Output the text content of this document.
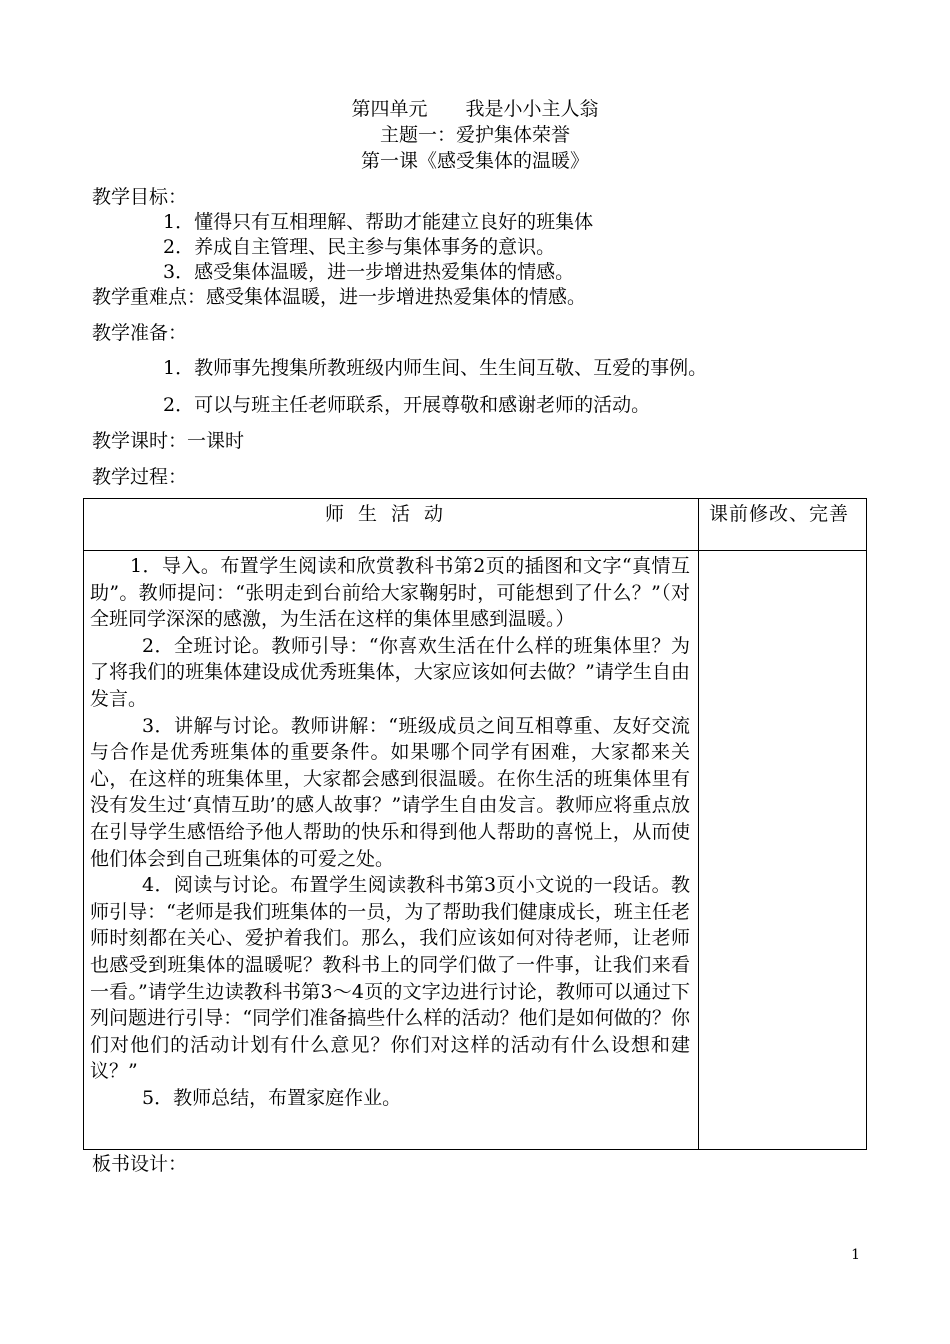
第四单元　　我是小小主人翁
主题一：爱护集体荣誉
第一课《感受集体的温暖》
教学目标：
1．懂得只有互相理解、帮助才能建立良好的班集体
2．养成自主管理、民主参与集体事务的意识。
3．感受集体温暖，进一步增进热爱集体的情感。
教学重难点：感受集体温暖，进一步增进热爱集体的情感。
教学准备：
1．教师事先搜集所教班级内师生间、生生间互敬、互爱的事例。
2．可以与班主任老师联系，开展尊敬和感谢老师的活动。
教学课时：一课时
教学过程：
师生活动	课前修改、完善

1．导入。布置学生阅读和欣赏教科书第2页的插图和文字“真情互助”。教师提问：“张明走到台前给大家鞠躬时，可能想到了什么？”（对全班同学深深的感激，为生活在这样的集体里感到温暖。）

2．全班讨论。教师引导：“你喜欢生活在什么样的班集体里？为了将我们的班集体建设成优秀班集体，大家应该如何去做？”请学生自由发言。

3．讲解与讨论。教师讲解：“班级成员之间互相尊重、友好交流与合作是优秀班集体的重要条件。如果哪个同学有困难，大家都来关心，在这样的班集体里，大家都会感到很温暖。在你生活的班集体里有没有发生过‘真情互助’的感人故事？”请学生自由发言。教师应将重点放在引导学生感悟给予他人帮助的快乐和得到他人帮助的喜悦上，从而使他们体会到自己班集体的可爱之处。

4．阅读与讨论。布置学生阅读教科书第3页小文说的一段话。教师引导：“老师是我们班集体的一员，为了帮助我们健康成长，班主任老师时刻都在关心、爱护着我们。那么，我们应该如何对待老师，让老师也感受到班集体的温暖呢？教科书上的同学们做了一件事，让我们来看一看。”请学生边读教科书第3～4页的文字边进行讨论，教师可以通过下列问题进行引导：“同学们准备搞些什么样的活动？他们是如何做的？你们对他们的活动计划有什么意见？你们对这样的活动有什么设想和建议？”

5．教师总结，布置家庭作业。	

板书设计：
1
